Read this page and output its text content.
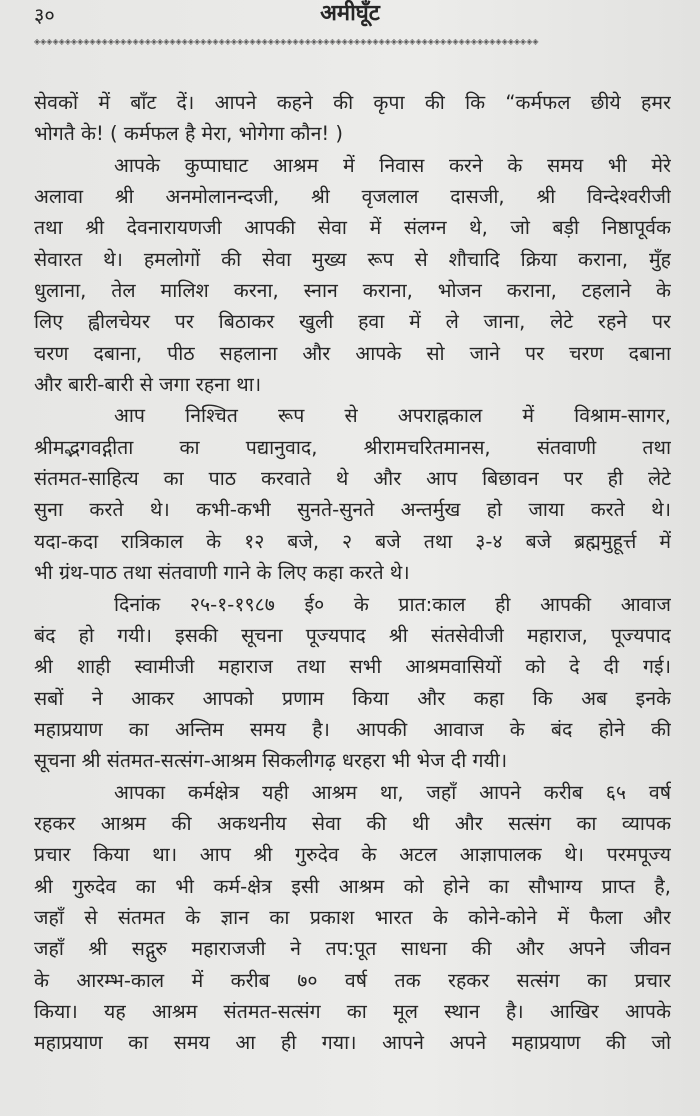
३०	अमीघूँट
◈◈◈◈◈◈◈◈◈◈◈◈◈◈◈◈◈◈◈◈◈◈◈◈◈◈◈◈◈◈◈◈◈◈◈◈◈◈◈◈◈◈◈◈◈◈◈◈◈◈◈◈◈◈◈◈◈◈◈◈◈◈◈◈◈◈◈◈◈◈◈◈◈◈◈◈◈◈◈◈◈◈
सेवकों में बाँट दें। आपने कहने की कृपा की कि “कर्मफल छीये हमर
भोगतै के! ( कर्मफल है मेरा, भोगेगा कौन! )
आपके कुप्पाघाट आश्रम में निवास करने के समय भी मेरे
अलावा श्री अनमोलानन्दजी, श्री वृजलाल दासजी, श्री विन्देश्वरीजी
तथा श्री देवनारायणजी आपकी सेवा में संलग्न थे, जो बड़ी निष्ठापूर्वक
सेवारत थे। हमलोगों की सेवा मुख्य रूप से शौचादि क्रिया कराना, मुँह
धुलाना, तेल मालिश करना, स्नान कराना, भोजन कराना, टहलाने के
लिए ह्वीलचेयर पर बिठाकर खुली हवा में ले जाना, लेटे रहने पर
चरण दबाना, पीठ सहलाना और आपके सो जाने पर चरण दबाना
और बारी-बारी से जगा रहना था।
आप निश्चित रूप से अपराह्नकाल में विश्राम-सागर,
श्रीमद्भगवद्गीता का पद्यानुवाद, श्रीरामचरितमानस, संतवाणी तथा
संतमत-साहित्य का पाठ करवाते थे और आप बिछावन पर ही लेटे
सुना करते थे। कभी-कभी सुनते-सुनते अन्तर्मुख हो जाया करते थे।
यदा-कदा रात्रिकाल के १२ बजे, २ बजे तथा ३-४ बजे ब्रह्ममुहूर्त्त में
भी ग्रंथ-पाठ तथा संतवाणी गाने के लिए कहा करते थे।
दिनांक २५-१-१९८७ ई० के प्रात:काल ही आपकी आवाज
बंद हो गयी। इसकी सूचना पूज्यपाद श्री संतसेवीजी महाराज, पूज्यपाद
श्री शाही स्वामीजी महाराज तथा सभी आश्रमवासियों को दे दी गई।
सबों ने आकर आपको प्रणाम किया और कहा कि अब इनके
महाप्रयाण का अन्तिम समय है। आपकी आवाज के बंद होने की
सूचना श्री संतमत-सत्संग-आश्रम सिकलीगढ़ धरहरा भी भेज दी गयी।
आपका कर्मक्षेत्र यही आश्रम था, जहाँ आपने करीब ६५ वर्ष
रहकर आश्रम की अकथनीय सेवा की थी और सत्संग का व्यापक
प्रचार किया था। आप श्री गुरुदेव के अटल आज्ञापालक थे। परमपूज्य
श्री गुरुदेव का भी कर्म-क्षेत्र इसी आश्रम को होने का सौभाग्य प्राप्त है,
जहाँ से संतमत के ज्ञान का प्रकाश भारत के कोने-कोने में फैला और
जहाँ श्री सद्गुरु महाराजजी ने तप:पूत साधना की और अपने जीवन
के आरम्भ-काल में करीब ७० वर्ष तक रहकर सत्संग का प्रचार
किया। यह आश्रम संतमत-सत्संग का मूल स्थान है। आखिर आपके
महाप्रयाण का समय आ ही गया। आपने अपने महाप्रयाण की जो
